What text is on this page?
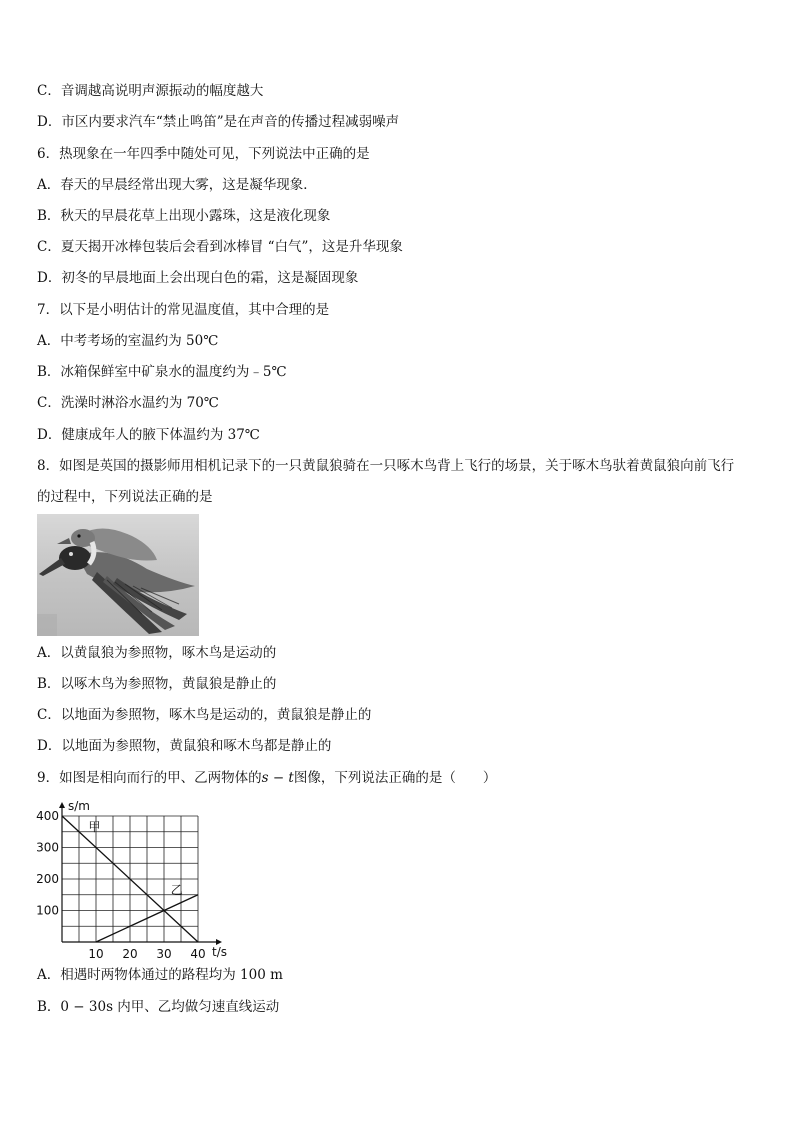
C．音调越高说明声源振动的幅度越大
D．市区内要求汽车“禁止鸣笛”是在声音的传播过程减弱噪声
6．热现象在一年四季中随处可见，下列说法中正确的是
A．春天的早晨经常出现大雾，这是凝华现象．
B．秋天的早晨花草上出现小露珠，这是液化现象
C．夏天揭开冰棒包装后会看到冰棒冒 “白气”，这是升华现象
D．初冬的早晨地面上会出现白色的霜，这是凝固现象
7．以下是小明估计的常见温度值，其中合理的是
A．中考考场的室温约为 50℃
B．冰箱保鲜室中矿泉水的温度约为﹣5℃
C．洗澡时淋浴水温约为 70℃
D．健康成年人的腋下体温约为 37℃
8．如图是英国的摄影师用相机记录下的一只黄鼠狼骑在一只啄木鸟背上飞行的场景，关于啄木鸟驮着黄鼠狼向前飞行
的过程中，下列说法正确的是
A．以黄鼠狼为参照物，啄木鸟是运动的
B．以啄木鸟为参照物，黄鼠狼是静止的
C．以地面为参照物，啄木鸟是运动的，黄鼠狼是静止的
D．以地面为参照物，黄鼠狼和啄木鸟都是静止的
9．如图是相向而行的甲、乙两物体的s − t图像，下列说法正确的是（　　）
10 20 30 40
100
200
300
400
甲
乙
s/m
t/s
A．相遇时两物体通过的路程均为 100 m
B．0 − 30s 内甲、乙均做匀速直线运动
